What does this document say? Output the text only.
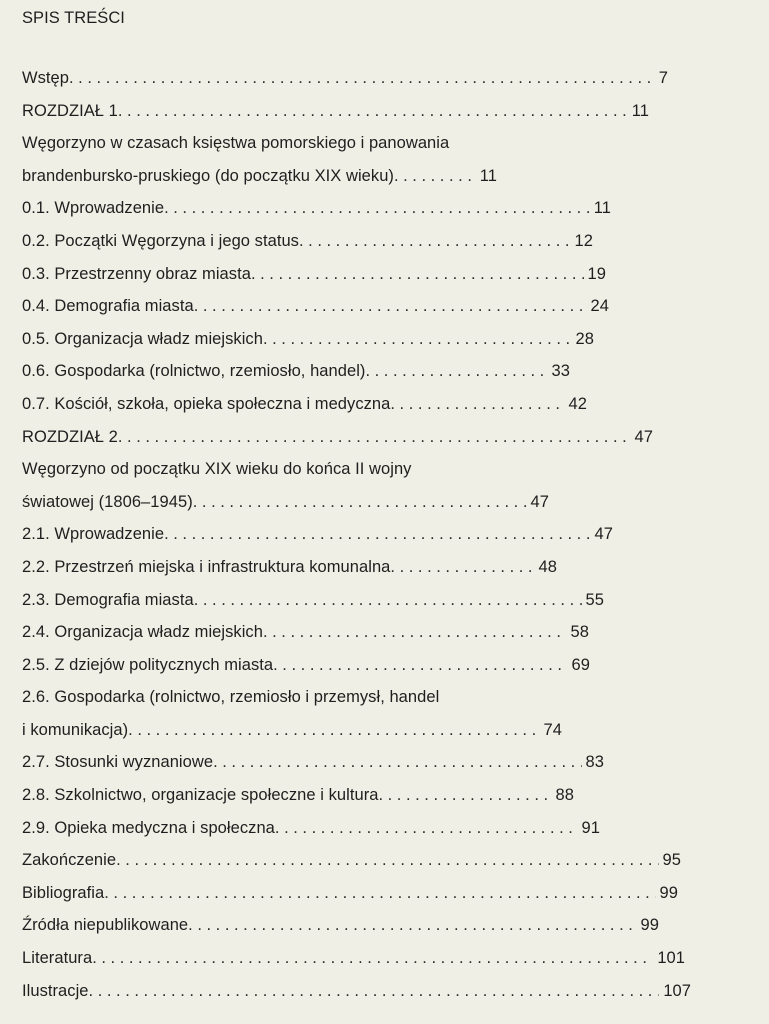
SPIS TREŚCI
Wstęp . . .	7
ROZDZIAŁ 1 . . .	11
Węgorzyno w czasach księstwa pomorskiego i panowania
brandenbursko-pruskiego (do początku XIX wieku) . . .	11
0.1. Wprowadzenie . . .	11
0.2. Początki Węgorzyna i jego status . . .	12
0.3. Przestrzenny obraz miasta . . .	19
0.4. Demografia miasta . . .	24
0.5. Organizacja władz miejskich . . .	28
0.6. Gospodarka (rolnictwo, rzemiosło, handel) . . .	33
0.7. Kościół, szkoła, opieka społeczna i medyczna . . .	42
ROZDZIAŁ 2 . . .	47
Węgorzyno od początku XIX wieku do końca II wojny
światowej (1806–1945) . . .	47
2.1. Wprowadzenie . . .	47
2.2. Przestrzeń miejska i infrastruktura komunalna . . .	48
2.3. Demografia miasta . . .	55
2.4. Organizacja władz miejskich . . .	58
2.5. Z dziejów politycznych miasta . . .	69
2.6. Gospodarka (rolnictwo, rzemiosło i przemysł, handel
i komunikacja) . . .	74
2.7. Stosunki wyznaniowe . . .	83
2.8. Szkolnictwo, organizacje społeczne i kultura . . .	88
2.9. Opieka medyczna i społeczna . . .	91
Zakończenie . . .	95
Bibliografia . . .	99
Źródła niepublikowane . . .	99
Literatura . . .	101
Ilustracje . . .	107
